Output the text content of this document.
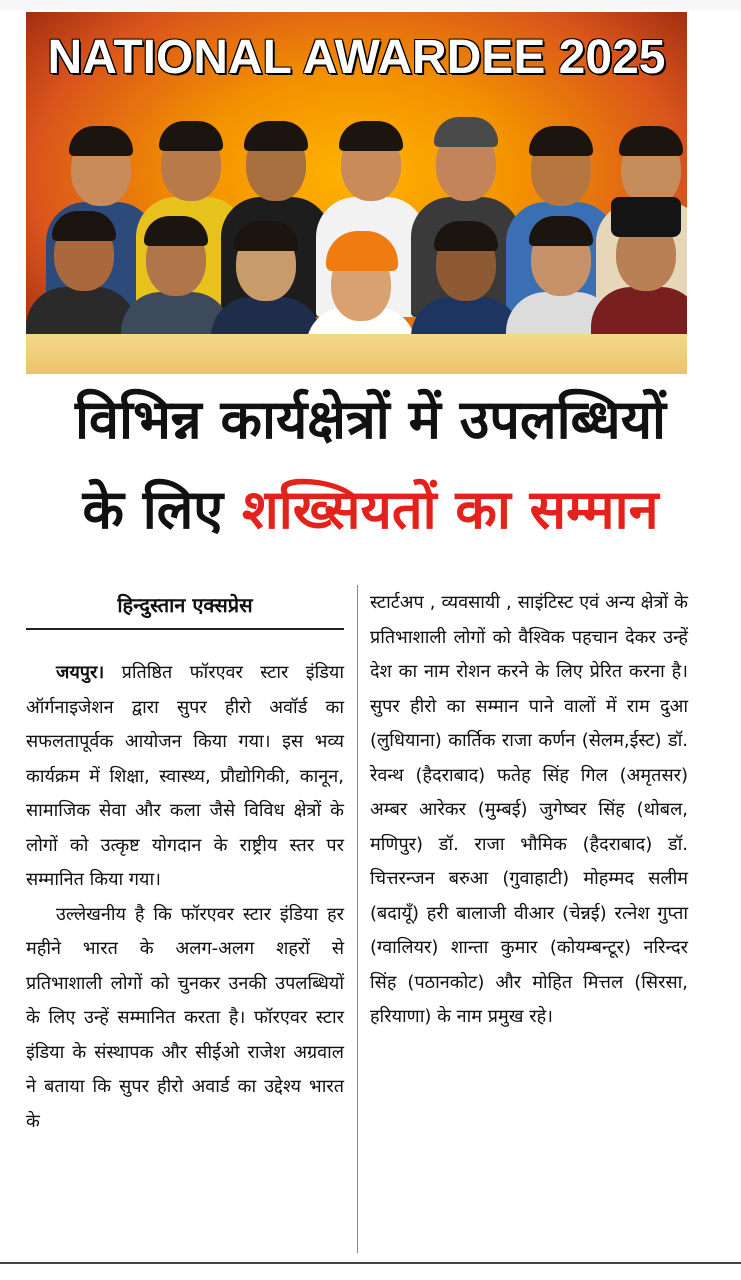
NATIONAL AWARDEE 2025
विभिन्न कार्यक्षेत्रों में उपलब्धियों
के लिए शख्सियतों का सम्मान
हिन्दुस्तान एक्सप्रेस

जयपुर। प्रतिष्ठित फॉरएवर स्टार इंडिया ऑर्गनाइजेशन द्वारा सुपर हीरो अवॉर्ड का सफलतापूर्वक आयोजन किया गया। इस भव्य कार्यक्रम में शिक्षा, स्वास्थ्य, प्रौद्योगिकी, कानून, सामाजिक सेवा और कला जैसे विविध क्षेत्रों के लोगों को उत्कृष्ट योगदान के राष्ट्रीय स्तर पर सम्मानित किया गया।

उल्लेखनीय है कि फॉरएवर स्टार इंडिया हर महीने भारत के अलग-अलग शहरों से प्रतिभाशाली लोगों को चुनकर उनकी उपलब्धियों के लिए उन्हें सम्मानित करता है। फॉरएवर स्टार इंडिया के संस्थापक और सीईओ राजेश अग्रवाल ने बताया कि सुपर हीरो अवार्ड का उद्देश्य भारत के

स्टार्टअप , व्यवसायी , साइंटिस्ट एवं अन्य क्षेत्रों के प्रतिभाशाली लोगों को वैश्विक पहचान देकर उन्हें देश का नाम रोशन करने के लिए प्रेरित करना है। सुपर हीरो का सम्मान पाने वालों में राम दुआ (लुधियाना) कार्तिक राजा कर्णन (सेलम,ईस्ट) डॉ. रेवन्थ (हैदराबाद) फतेह सिंह गिल (अमृतसर) अम्बर आरेकर (मुम्बई) जुगेष्वर सिंह (थोबल, मणिपुर) डॉ. राजा भौमिक (हैदराबाद) डॉ. चित्तरन्जन बरुआ (गुवाहाटी) मोहम्मद सलीम (बदायूँ) हरी बालाजी वीआर (चेन्नई) रत्नेश गुप्ता (ग्वालियर) शान्ता कुमार (कोयम्बन्टूर) नरिन्दर सिंह (पठानकोट) और मोहित मित्तल (सिरसा, हरियाणा) के नाम प्रमुख रहे।
